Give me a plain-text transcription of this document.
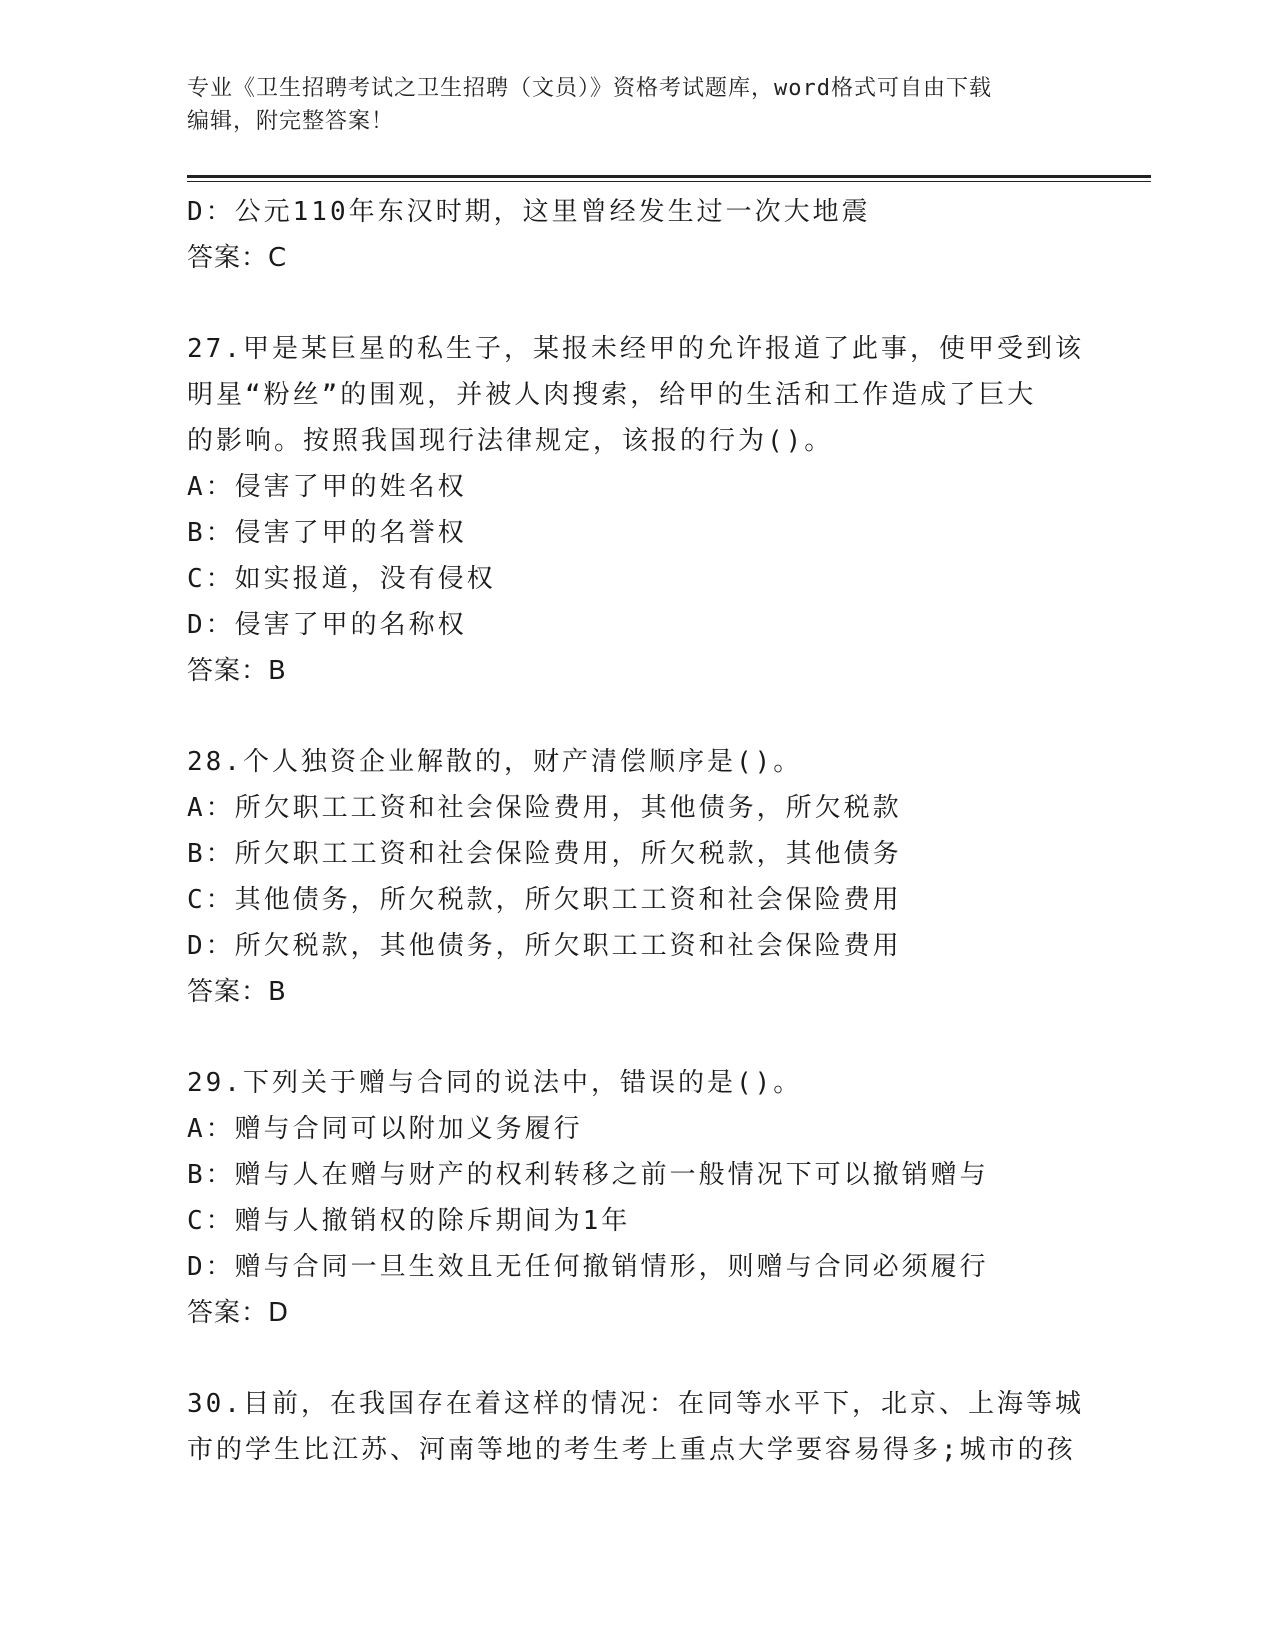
专业《卫生招聘考试之卫生招聘（文员）》资格考试题库，word格式可自由下载
编辑，附完整答案！
D：公元110年东汉时期，这里曾经发生过一次大地震
答案：C
27.甲是某巨星的私生子，某报未经甲的允许报道了此事，使甲受到该
明星“粉丝”的围观，并被人肉搜索，给甲的生活和工作造成了巨大
的影响。按照我国现行法律规定，该报的行为()。
A：侵害了甲的姓名权
B：侵害了甲的名誉权
C：如实报道，没有侵权
D：侵害了甲的名称权
答案：B
28.个人独资企业解散的，财产清偿顺序是()。
A：所欠职工工资和社会保险费用，其他债务，所欠税款
B：所欠职工工资和社会保险费用，所欠税款，其他债务
C：其他债务，所欠税款，所欠职工工资和社会保险费用
D：所欠税款，其他债务，所欠职工工资和社会保险费用
答案：B
29.下列关于赠与合同的说法中，错误的是()。
A：赠与合同可以附加义务履行
B：赠与人在赠与财产的权利转移之前一般情况下可以撤销赠与
C：赠与人撤销权的除斥期间为1年
D：赠与合同一旦生效且无任何撤销情形，则赠与合同必须履行
答案：D
30.目前，在我国存在着这样的情况：在同等水平下，北京、上海等城
市的学生比江苏、河南等地的考生考上重点大学要容易得多;城市的孩
